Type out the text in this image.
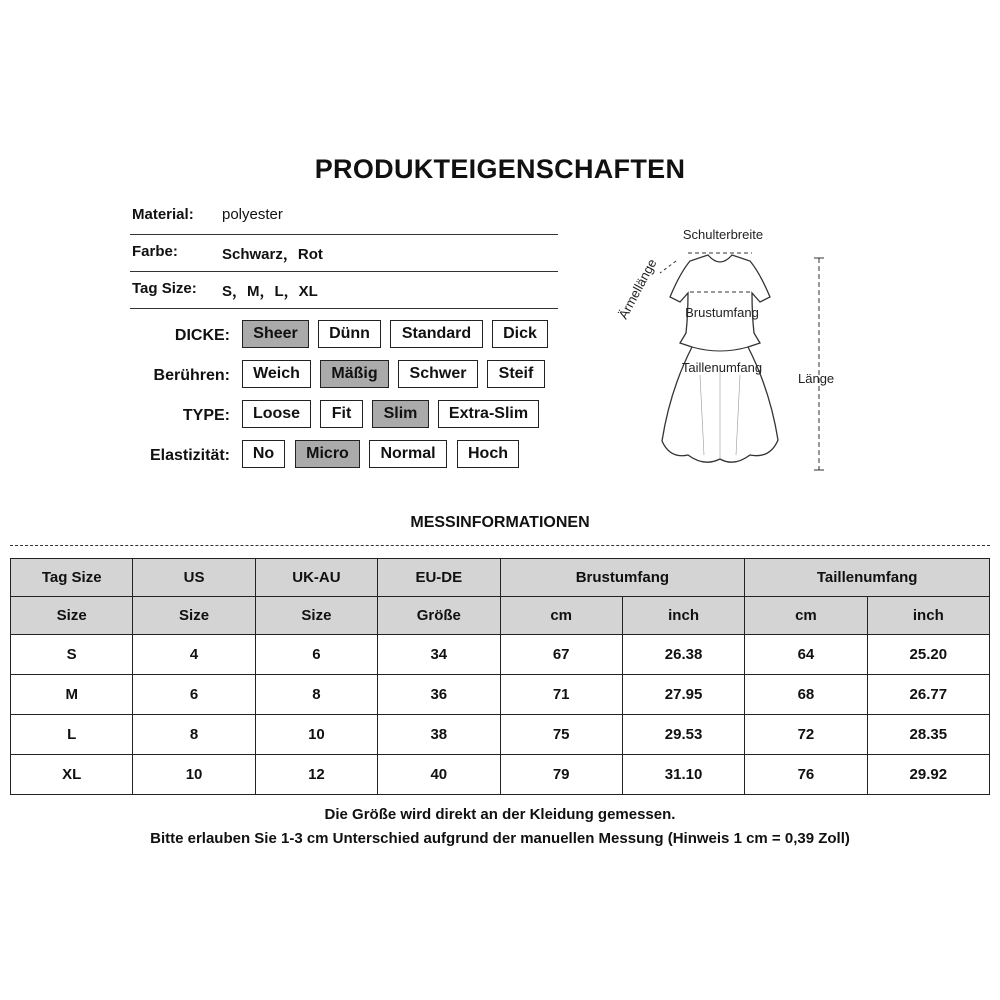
PRODUKTEIGENSCHAFTEN
Material: polyester
Farbe:	Schwarz，Rot
Tag Size: S，M，L，XL
DICKE:	Sheer	Dünn	Standard	Dick
Berühren:	Weich	Mäßig	Schwer	Steif
TYPE:	Loose	Fit	Slim	Extra-Slim
Elastizität:	No	Micro	Normal	Hoch
Schulterbreite
Ärmellänge Brustumfang
Taillenumfang
Länge
MESSINFORMATIONEN
Tag Size	US	UK-AU	EU-DE	Brustumfang		Taillenumfang	
Size	Size	Size	Größe	cm	inch	cm	inch
S	4	6	34	67	26.38	64	25.20
M	6	8	36	71	27.95	68	26.77
L	8	10	38	75	29.53	72	28.35
XL	10	12	40	79	31.10	76	29.92
Die Größe wird direkt an der Kleidung gemessen.
Bitte erlauben Sie 1-3 cm Unterschied aufgrund der manuellen Messung (Hinweis 1 cm = 0,39 Zoll)
